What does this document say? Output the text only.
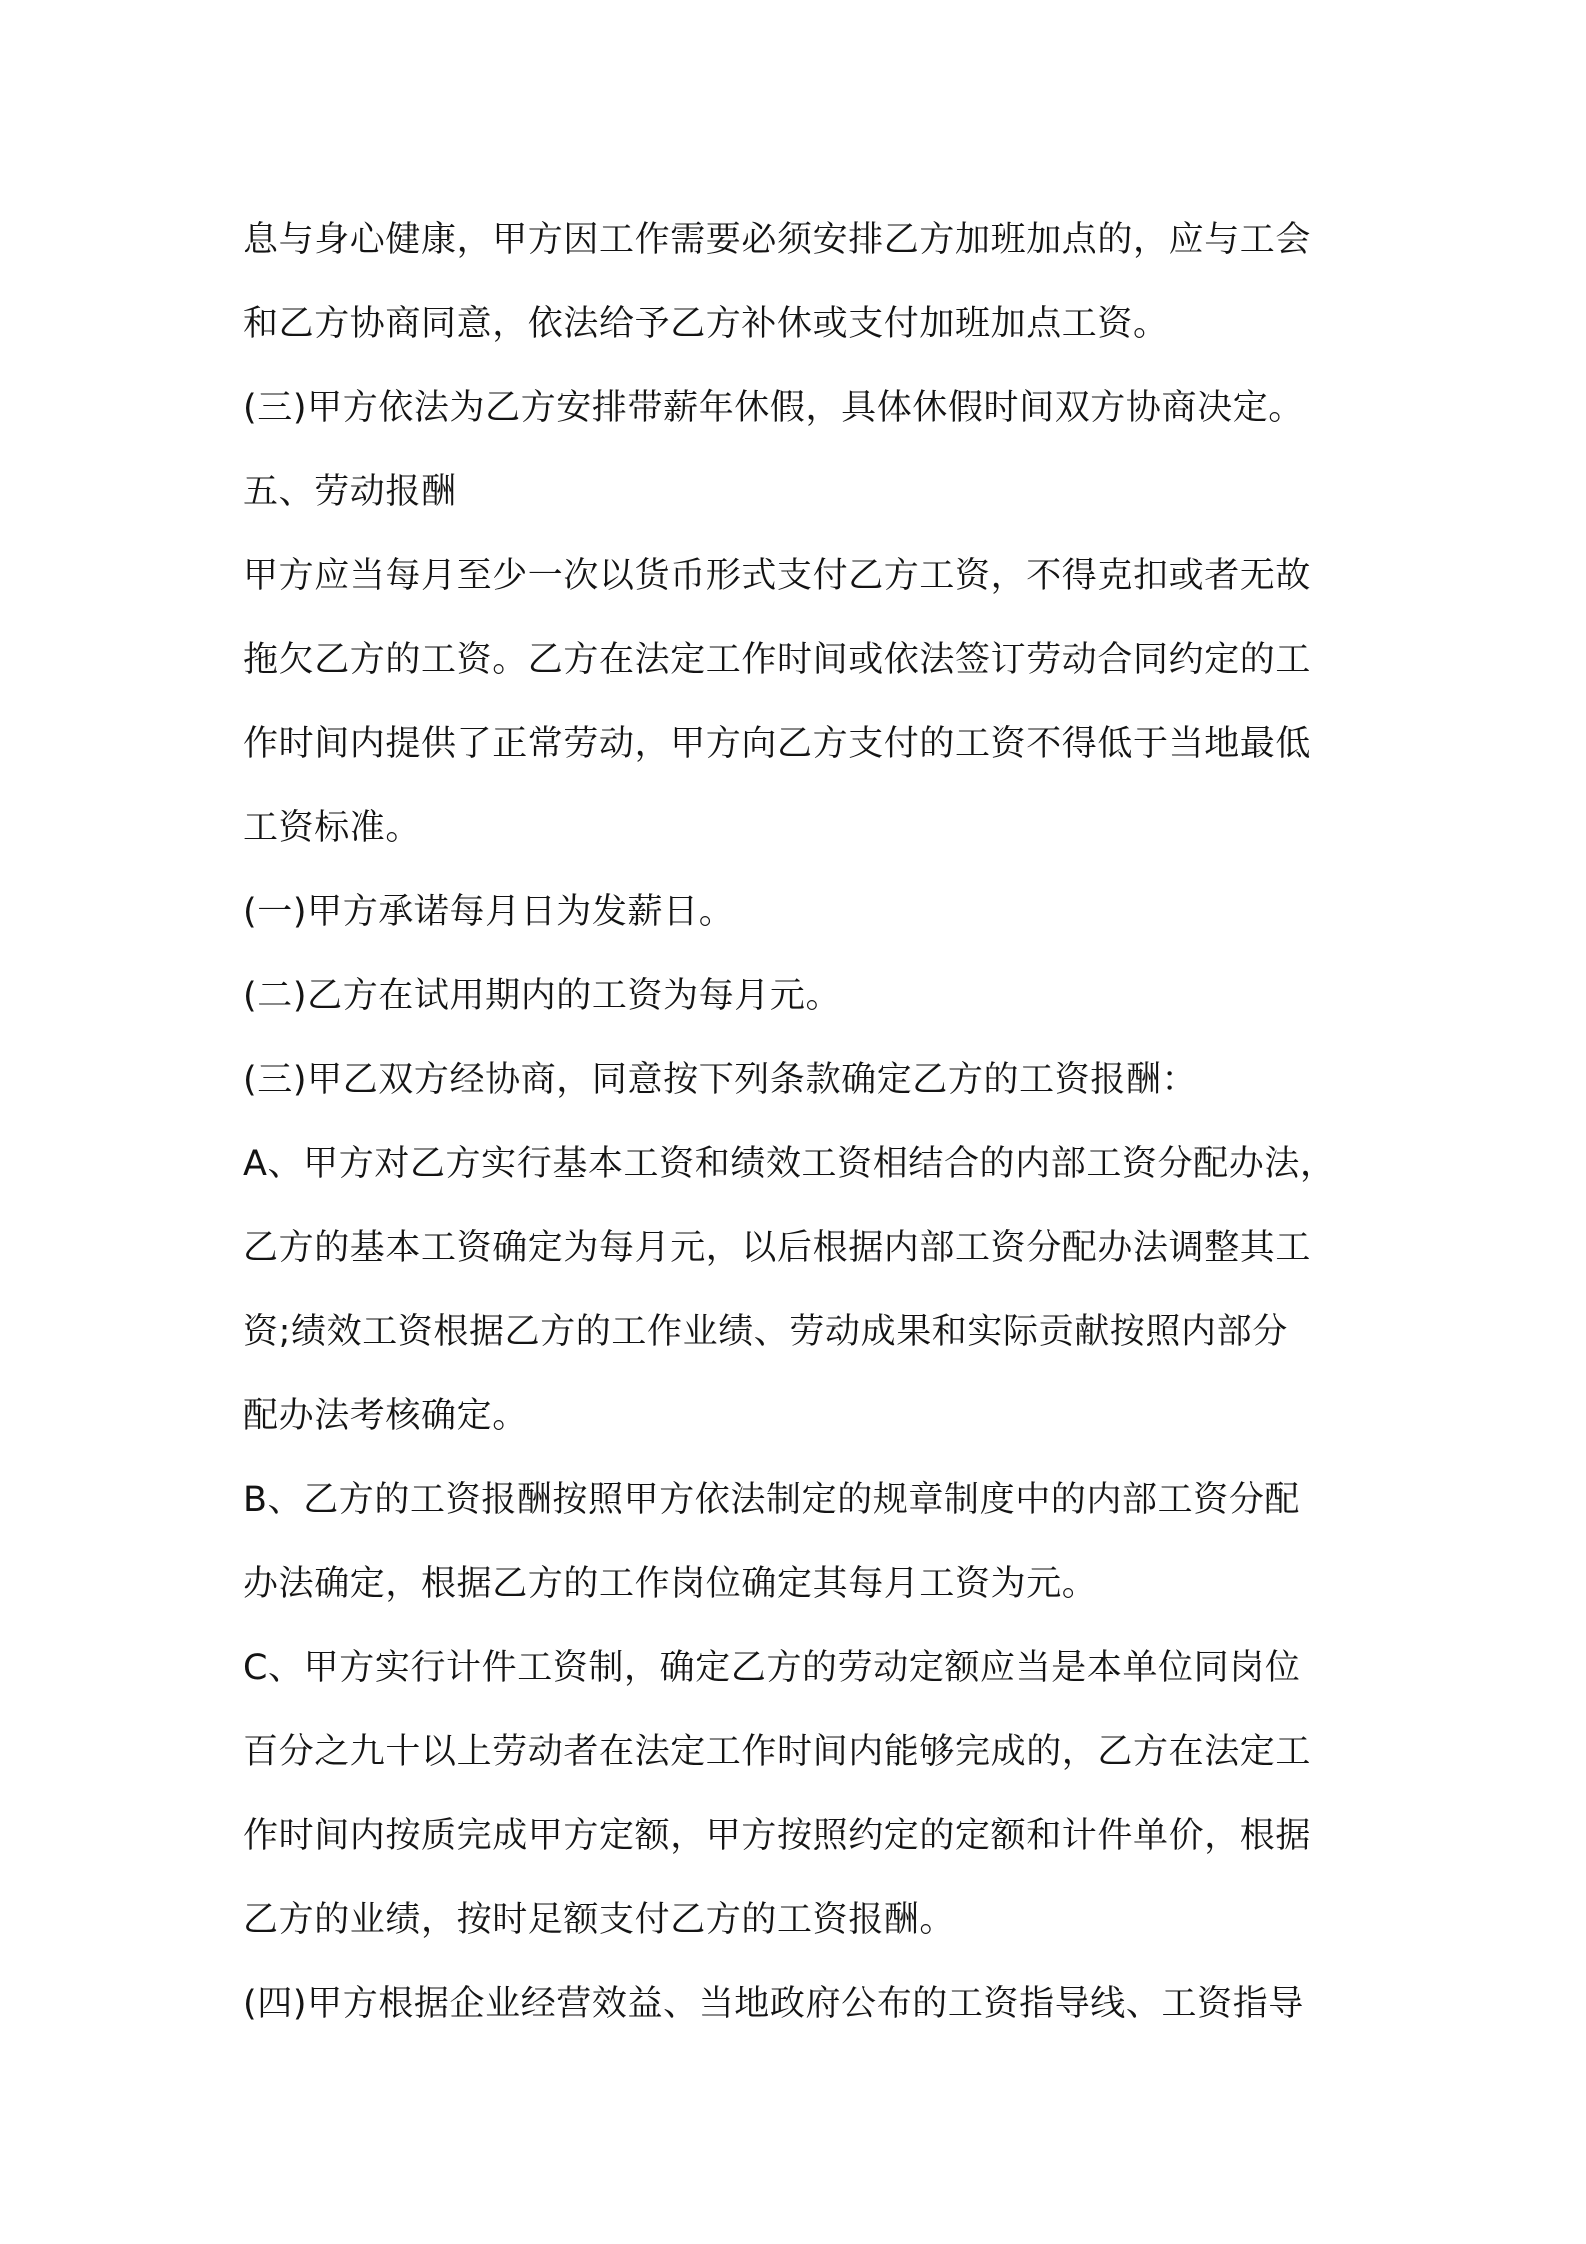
息与身心健康，甲方因工作需要必须安排乙方加班加点的，应与工会
和乙方协商同意，依法给予乙方补休或支付加班加点工资。
(三)甲方依法为乙方安排带薪年休假，具体休假时间双方协商决定。
五、劳动报酬
甲方应当每月至少一次以货币形式支付乙方工资，不得克扣或者无故
拖欠乙方的工资。乙方在法定工作时间或依法签订劳动合同约定的工
作时间内提供了正常劳动，甲方向乙方支付的工资不得低于当地最低
工资标准。
(一)甲方承诺每月日为发薪日。
(二)乙方在试用期内的工资为每月元。
(三)甲乙双方经协商，同意按下列条款确定乙方的工资报酬：
A、甲方对乙方实行基本工资和绩效工资相结合的内部工资分配办法，
乙方的基本工资确定为每月元，以后根据内部工资分配办法调整其工
资;绩效工资根据乙方的工作业绩、劳动成果和实际贡献按照内部分
配办法考核确定。
B、乙方的工资报酬按照甲方依法制定的规章制度中的内部工资分配
办法确定，根据乙方的工作岗位确定其每月工资为元。
C、甲方实行计件工资制，确定乙方的劳动定额应当是本单位同岗位
百分之九十以上劳动者在法定工作时间内能够完成的，乙方在法定工
作时间内按质完成甲方定额，甲方按照约定的定额和计件单价，根据
乙方的业绩，按时足额支付乙方的工资报酬。
(四)甲方根据企业经营效益、当地政府公布的工资指导线、工资指导
